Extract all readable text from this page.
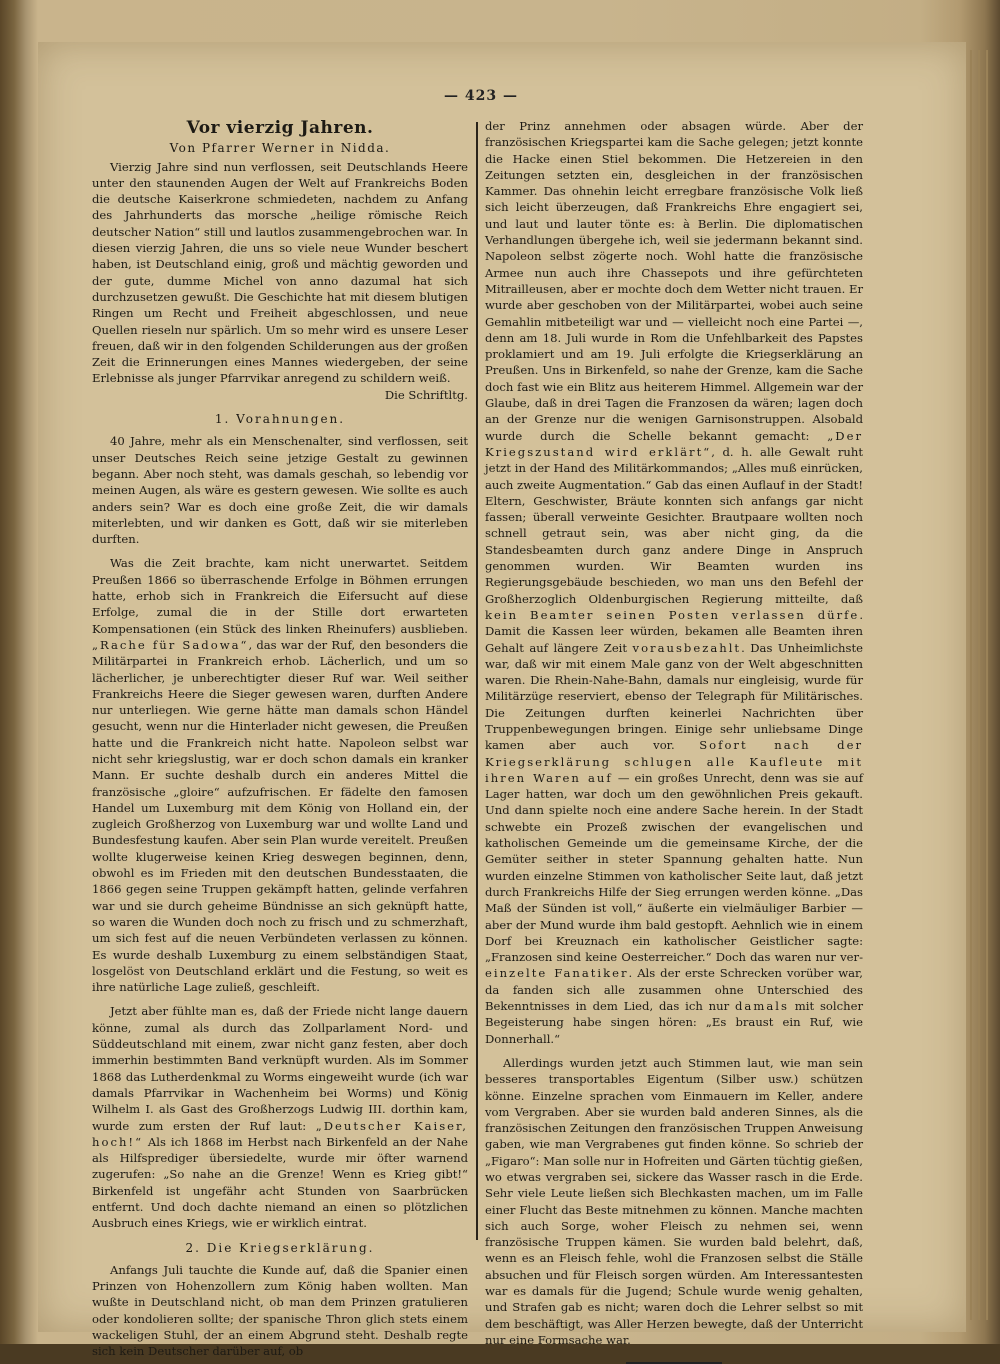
— 423 —
Vor vierzig Jahren.
Von Pfarrer Werner in Nidda.

Vierzig Jahre sind nun verflossen, seit Deutschlands Heere unter den staunenden Augen der Welt auf Frankreichs Boden die deutsche Kaiserkrone schmiedeten, nachdem zu Anfang des Jahrhunderts das morsche „heilige römische Reich deutscher Nation“ still und lautlos zusammengebrochen war. In diesen vierzig Jahren, die uns so viele neue Wunder beschert haben, ist Deutschland einig, groß und mächtig geworden und der gute, dumme Michel von anno dazumal hat sich durchzusetzen gewußt. Die Geschichte hat mit diesem blutigen Ringen um Recht und Freiheit abgeschlossen, und neue Quellen rieseln nur spärlich. Um so mehr wird es unsere Leser freuen, daß wir in den folgenden Schilderungen aus der großen Zeit die Erinnerungen eines Mannes wiedergeben, der seine Erlebnisse als junger Pfarrvikar anregend zu schildern weiß.

Die Schriftltg.
1. Vorahnungen.

40 Jahre, mehr als ein Menschenalter, sind verflossen, seit unser Deutsches Reich seine jetzige Gestalt zu gewinnen begann. Aber noch steht, was damals geschah, so lebendig vor meinen Augen, als wäre es gestern gewesen. Wie sollte es auch anders sein? War es doch eine große Zeit, die wir damals miterlebten, und wir danken es Gott, daß wir sie miterleben durften.

Was die Zeit brachte, kam nicht unerwartet. Seitdem Preußen 1866 so überraschende Erfolge in Böhmen errungen hatte, erhob sich in Frankreich die Eifersucht auf diese Erfolge, zumal die in der Stille dort erwarteten Kompensationen (ein Stück des linken Rheinufers) ausblieben. „Rache für Sadowa“, das war der Ruf, den besonders die Militärpartei in Frankreich erhob. Lächerlich, und um so lächerlicher, je unberechtigter dieser Ruf war. Weil seither Frankreichs Heere die Sieger gewesen waren, durften Andere nur unterliegen. Wie gerne hätte man damals schon Händel gesucht, wenn nur die Hinterlader nicht gewesen, die Preußen hatte und die Frankreich nicht hatte. Napoleon selbst war nicht sehr kriegslustig, war er doch schon damals ein kranker Mann. Er suchte deshalb durch ein anderes Mittel die französische „gloire“ aufzufrischen. Er fädelte den famosen Handel um Luxemburg mit dem König von Holland ein, der zugleich Großherzog von Luxemburg war und wollte Land und Bundesfestung kaufen. Aber sein Plan wurde vereitelt. Preußen wollte klugerweise keinen Krieg deswegen beginnen, denn, obwohl es im Frieden mit den deutschen Bundesstaaten, die 1866 gegen seine Truppen gekämpft hatten, gelinde verfahren war und sie durch geheime Bündnisse an sich geknüpft hatte, so waren die Wunden doch noch zu frisch und zu schmerzhaft, um sich fest auf die neuen Verbündeten verlassen zu können. Es wurde deshalb Luxemburg zu einem selbständigen Staat, losgelöst von Deutschland erklärt und die Festung, so weit es ihre natürliche Lage zuließ, geschleift.

Jetzt aber fühlte man es, daß der Friede nicht lange dauern könne, zumal als durch das Zollparlament Nord- und Süddeutschland mit einem, zwar nicht ganz festen, aber doch immerhin bestimmten Band verknüpft wurden. Als im Sommer 1868 das Lutherdenkmal zu Worms eingeweiht wurde (ich war damals Pfarrvikar in Wachenheim bei Worms) und König Wilhelm I. als Gast des Großherzogs Ludwig III. dorthin kam, wurde zum ersten der Ruf laut: „Deutscher Kaiser, hoch!“ Als ich 1868 im Herbst nach Birkenfeld an der Nahe als Hilfsprediger übersiedelte, wurde mir öfter warnend zugerufen: „So nahe an die Grenze! Wenn es Krieg gibt!“ Birkenfeld ist ungefähr acht Stunden von Saarbrücken entfernt. Und doch dachte niemand an einen so plötzlichen Ausbruch eines Kriegs, wie er wirklich eintrat.

2. Die Kriegserklärung.

Anfangs Juli tauchte die Kunde auf, daß die Spanier einen Prinzen von Hohenzollern zum König haben wollten. Man wußte in Deutschland nicht, ob man dem Prinzen gratulieren oder kondolieren sollte; der spanische Thron glich stets einem wackeligen Stuhl, der an einem Abgrund steht. Deshalb regte sich kein Deutscher darüber auf, ob

der Prinz annehmen oder absagen würde. Aber der französischen Kriegspartei kam die Sache gelegen; jetzt konnte die Hacke einen Stiel bekommen. Die Hetzereien in den Zeitungen setzten ein, desgleichen in der französischen Kammer. Das ohnehin leicht erregbare französische Volk ließ sich leicht überzeugen, daß Frankreichs Ehre engagiert sei, und laut und lauter tönte es: à Berlin. Die diplomatischen Verhandlungen übergehe ich, weil sie jedermann bekannt sind. Napoleon selbst zögerte noch. Wohl hatte die französische Armee nun auch ihre Chassepots und ihre gefürchteten Mitrailleusen, aber er mochte doch dem Wetter nicht trauen. Er wurde aber geschoben von der Militärpartei, wobei auch seine Gemahlin mitbeteiligt war und — vielleicht noch eine Partei —, denn am 18. Juli wurde in Rom die Unfehlbarkeit des Papstes proklamiert und am 19. Juli erfolgte die Kriegserklärung an Preußen. Uns in Birkenfeld, so nahe der Grenze, kam die Sache doch fast wie ein Blitz aus heiterem Himmel. Allgemein war der Glaube, daß in drei Tagen die Franzosen da wären; lagen doch an der Grenze nur die wenigen Garnisonstruppen. Alsobald wurde durch die Schelle bekannt gemacht: „Der Kriegszustand wird erklärt“, d. h. alle Gewalt ruht jetzt in der Hand des Militärkommandos; „Alles muß einrücken, auch zweite Augmentation.“ Gab das einen Auflauf in der Stadt! Eltern, Geschwister, Bräute konnten sich anfangs gar nicht fassen; überall verweinte Gesichter. Brautpaare wollten noch schnell getraut sein, was aber nicht ging, da die Standesbeamten durch ganz andere Dinge in Anspruch genommen wurden. Wir Beamten wurden ins Regierungsgebäude beschieden, wo man uns den Befehl der Großherzoglich Oldenburgischen Regierung mitteilte, daß kein Beamter seinen Posten verlassen dürfe. Damit die Kassen leer würden, bekamen alle Beamten ihren Gehalt auf längere Zeit vorausbezahlt. Das Unheimlichste war, daß wir mit einem Male ganz von der Welt abgeschnitten waren. Die Rhein-Nahe-Bahn, damals nur eingleisig, wurde für Militärzüge reserviert, ebenso der Telegraph für Militärisches. Die Zeitungen durften keinerlei Nachrichten über Truppenbewegungen bringen. Einige sehr unliebsame Dinge kamen aber auch vor. Sofort nach der Kriegserklärung schlugen alle Kaufleute mit ihren Waren auf — ein großes Unrecht, denn was sie auf Lager hatten, war doch um den gewöhnlichen Preis gekauft. Und dann spielte noch eine andere Sache herein. In der Stadt schwebte ein Prozeß zwischen der evangelischen und katholischen Gemeinde um die gemeinsame Kirche, der die Gemüter seither in steter Spannung gehalten hatte. Nun wurden einzelne Stimmen von katholischer Seite laut, daß jetzt durch Frankreichs Hilfe der Sieg errungen werden könne. „Das Maß der Sünden ist voll,“ äußerte ein vielmäuliger Barbier — aber der Mund wurde ihm bald gestopft. Aehnlich wie in einem Dorf bei Kreuznach ein katholischer Geistlicher sagte: „Franzosen sind keine Oesterreicher.“ Doch das waren nur ver- einzelte Fanatiker. Als der erste Schrecken vorüber war, da fanden sich alle zusammen ohne Unterschied des Bekenntnisses in dem Lied, das ich nur damals mit solcher Begeisterung habe singen hören: „Es braust ein Ruf, wie Donnerhall.“

Allerdings wurden jetzt auch Stimmen laut, wie man sein besseres transportables Eigentum (Silber usw.) schützen könne. Einzelne sprachen vom Einmauern im Keller, andere vom Vergraben. Aber sie wurden bald anderen Sinnes, als die französischen Zeitungen den französischen Truppen Anweisung gaben, wie man Vergrabenes gut finden könne. So schrieb der „Figaro“: Man solle nur in Hofreiten und Gärten tüchtig gießen, wo etwas vergraben sei, sickere das Wasser rasch in die Erde. Sehr viele Leute ließen sich Blechkasten machen, um im Falle einer Flucht das Beste mitnehmen zu können. Manche machten sich auch Sorge, woher Fleisch zu nehmen sei, wenn französische Truppen kämen. Sie wurden bald belehrt, daß, wenn es an Fleisch fehle, wohl die Franzosen selbst die Ställe absuchen und für Fleisch sorgen würden. Am Interessantesten war es damals für die Jugend; Schule wurde wenig gehalten, und Strafen gab es nicht; waren doch die Lehrer selbst so mit dem beschäftigt, was Aller Herzen bewegte, daß der Unterricht nur eine Formsache war.
